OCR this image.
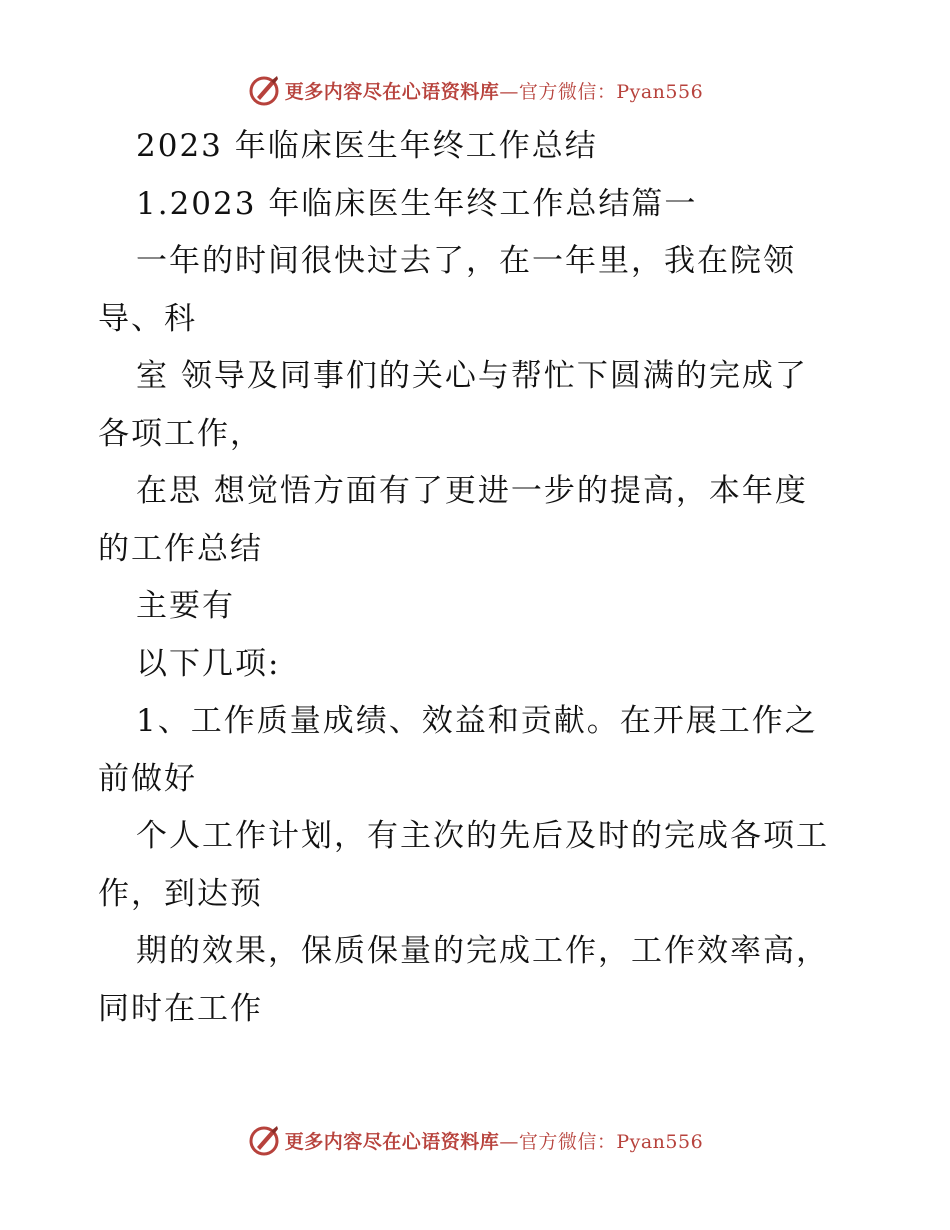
更多内容尽在心语资料库—官方微信：Pyan556
2023 年临床医生年终工作总结
1.2023 年临床医生年终工作总结篇一
一年的时间很快过去了，在一年里，我在院领
导、科
室 领导及同事们的关心与帮忙下圆满的完成了
各项工作，
在思 想觉悟方面有了更进一步的提高，本年度
的工作总结
主要有
以下几项:
1、工作质量成绩、效益和贡献。在开展工作之
前做好
个人工作计划，有主次的先后及时的完成各项工
作，到达预
期的效果，保质保量的完成工作，工作效率高，
同时在工作
更多内容尽在心语资料库—官方微信：Pyan556
